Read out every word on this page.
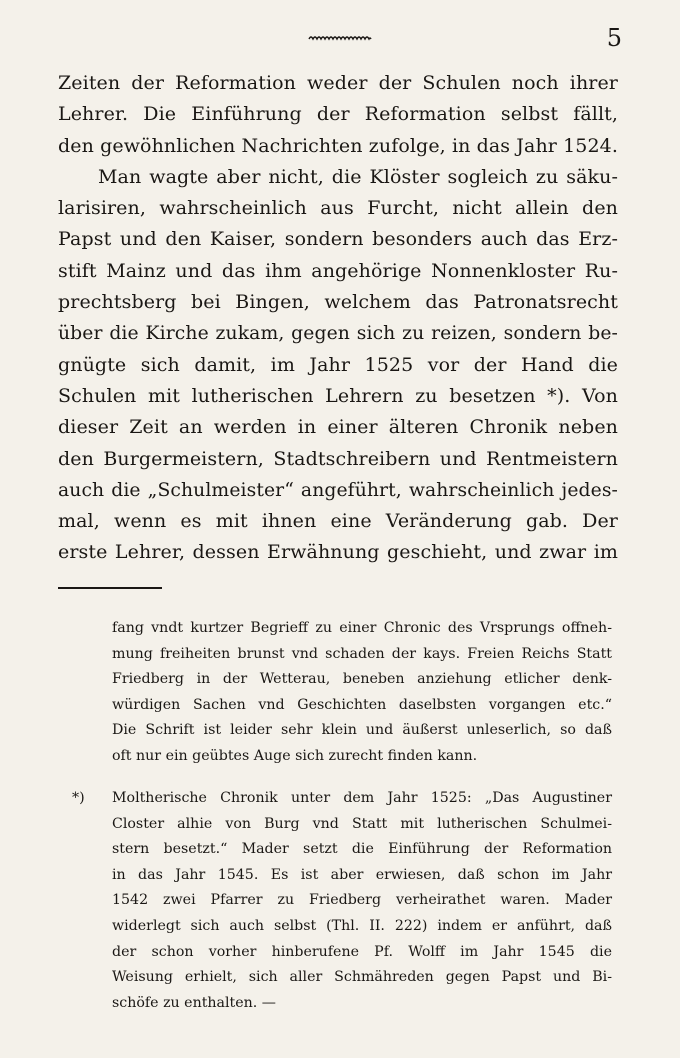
5
Zeiten der Reformation weder der Schulen noch ihrer
Lehrer. Die Einführung der Reformation selbst fällt,
den gewöhnlichen Nachrichten zufolge, in das Jahr 1524.
Man wagte aber nicht, die Klöster sogleich zu säku-
larisiren, wahrscheinlich aus Furcht, nicht allein den
Papst und den Kaiser, sondern besonders auch das Erz-
stift Mainz und das ihm angehörige Nonnenkloster Ru-
prechtsberg bei Bingen, welchem das Patronatsrecht
über die Kirche zukam, gegen sich zu reizen, sondern be-
gnügte sich damit, im Jahr 1525 vor der Hand die
Schulen mit lutherischen Lehrern zu besetzen *). Von
dieser Zeit an werden in einer älteren Chronik neben
den Burgermeistern, Stadtschreibern und Rentmeistern
auch die „Schulmeister“ angeführt, wahrscheinlich jedes-
mal, wenn es mit ihnen eine Veränderung gab. Der
erste Lehrer, dessen Erwähnung geschieht, und zwar im
fang vndt kurtzer Begrieff zu einer Chronic des Vrsprungs offneh-
mung freiheiten brunst vnd schaden der kays. Freien Reichs Statt
Friedberg in der Wetterau, beneben anziehung etlicher denk-
würdigen Sachen vnd Geschichten daselbsten vorgangen etc.“
Die Schrift ist leider sehr klein und äußerst unleserlich, so daß
oft nur ein geübtes Auge sich zurecht finden kann.
*) Moltherische Chronik unter dem Jahr 1525: „Das Augustiner
Closter alhie von Burg vnd Statt mit lutherischen Schulmei-
stern besetzt.“ Mader setzt die Einführung der Reformation
in das Jahr 1545. Es ist aber erwiesen, daß schon im Jahr
1542 zwei Pfarrer zu Friedberg verheirathet waren. Mader
widerlegt sich auch selbst (Thl. II. 222) indem er anführt, daß
der schon vorher hinberufene Pf. Wolff im Jahr 1545 die
Weisung erhielt, sich aller Schmähreden gegen Papst und Bi-
schöfe zu enthalten. —
